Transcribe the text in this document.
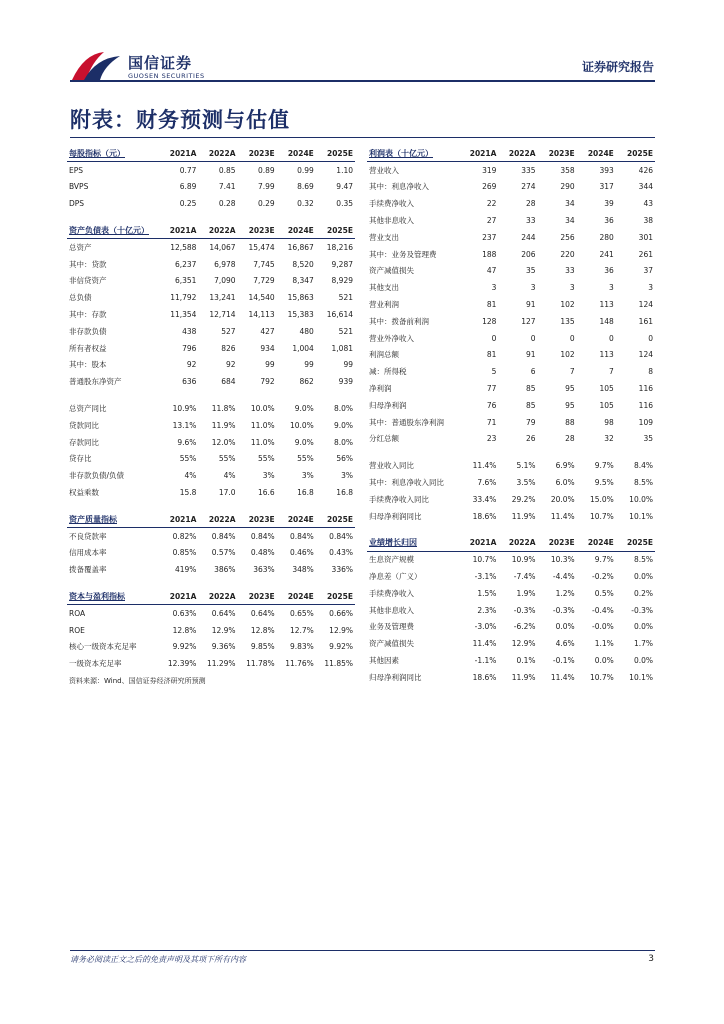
国信证券
GUOSEN SECURITIES
证券研究报告
附表：财务预测与估值
每股指标（元）	2021A	2022A	2023E	2024E	2025E
EPS	0.77	0.85	0.89	0.99	1.10
BVPS	6.89	7.41	7.99	8.69	9.47
DPS	0.25	0.28	0.29	0.32	0.35

资产负债表（十亿元）	2021A	2022A	2023E	2024E	2025E
总资产	12,588	14,067	15,474	16,867	18,216
其中：贷款	6,237	6,978	7,745	8,520	9,287
非信贷资产	6,351	7,090	7,729	8,347	8,929
总负债	11,792	13,241	14,540	15,863	521
其中：存款	11,354	12,714	14,113	15,383	16,614
非存款负债	438	527	427	480	521
所有者权益	796	826	934	1,004	1,081
其中：股本	92	92	99	99	99
普通股东净资产	636	684	792	862	939

总资产同比	10.9%	11.8%	10.0%	9.0%	8.0%
贷款同比	13.1%	11.9%	11.0%	10.0%	9.0%
存款同比	9.6%	12.0%	11.0%	9.0%	8.0%
贷存比	55%	55%	55%	55%	56%
非存款负债/负债	4%	4%	3%	3%	3%
权益乘数	15.8	17.0	16.6	16.8	16.8

资产质量指标	2021A	2022A	2023E	2024E	2025E
不良贷款率	0.82%	0.84%	0.84%	0.84%	0.84%
信用成本率	0.85%	0.57%	0.48%	0.46%	0.43%
拨备覆盖率	419%	386%	363%	348%	336%

资本与盈利指标	2021A	2022A	2023E	2024E	2025E
ROA	0.63%	0.64%	0.64%	0.65%	0.66%
ROE	12.8%	12.9%	12.8%	12.7%	12.9%
核心一级资本充足率	9.92%	9.36%	9.85%	9.83%	9.92%
一级资本充足率	12.39%	11.29%	11.78%	11.76%	11.85%
资料来源：Wind、国信证券经济研究所预测
利润表（十亿元）	2021A	2022A	2023E	2024E	2025E
营业收入	319	335	358	393	426
其中：利息净收入	269	274	290	317	344
手续费净收入	22	28	34	39	43
其他非息收入	27	33	34	36	38
营业支出	237	244	256	280	301
其中：业务及管理费	188	206	220	241	261
资产减值损失	47	35	33	36	37
其他支出	3	3	3	3	3
营业利润	81	91	102	113	124
其中：拨备前利润	128	127	135	148	161
营业外净收入	0	0	0	0	0
利润总额	81	91	102	113	124
减：所得税	5	6	7	7	8
净利润	77	85	95	105	116
归母净利润	76	85	95	105	116
其中：普通股东净利润	71	79	88	98	109
分红总额	23	26	28	32	35

营业收入同比	11.4%	5.1%	6.9%	9.7%	8.4%
其中：利息净收入同比	7.6%	3.5%	6.0%	9.5%	8.5%
手续费净收入同比	33.4%	29.2%	20.0%	15.0%	10.0%
归母净利润同比	18.6%	11.9%	11.4%	10.7%	10.1%

业绩增长归因	2021A	2022A	2023E	2024E	2025E
生息资产规模	10.7%	10.9%	10.3%	9.7%	8.5%
净息差（广义）	-3.1%	-7.4%	-4.4%	-0.2%	0.0%
手续费净收入	1.5%	1.9%	1.2%	0.5%	0.2%
其他非息收入	2.3%	-0.3%	-0.3%	-0.4%	-0.3%
业务及管理费	-3.0%	-6.2%	0.0%	-0.0%	0.0%
资产减值损失	11.4%	12.9%	4.6%	1.1%	1.7%
其他因素	-1.1%	0.1%	-0.1%	0.0%	0.0%
归母净利润同比	18.6%	11.9%	11.4%	10.7%	10.1%
请务必阅读正文之后的免责声明及其项下所有内容	3
